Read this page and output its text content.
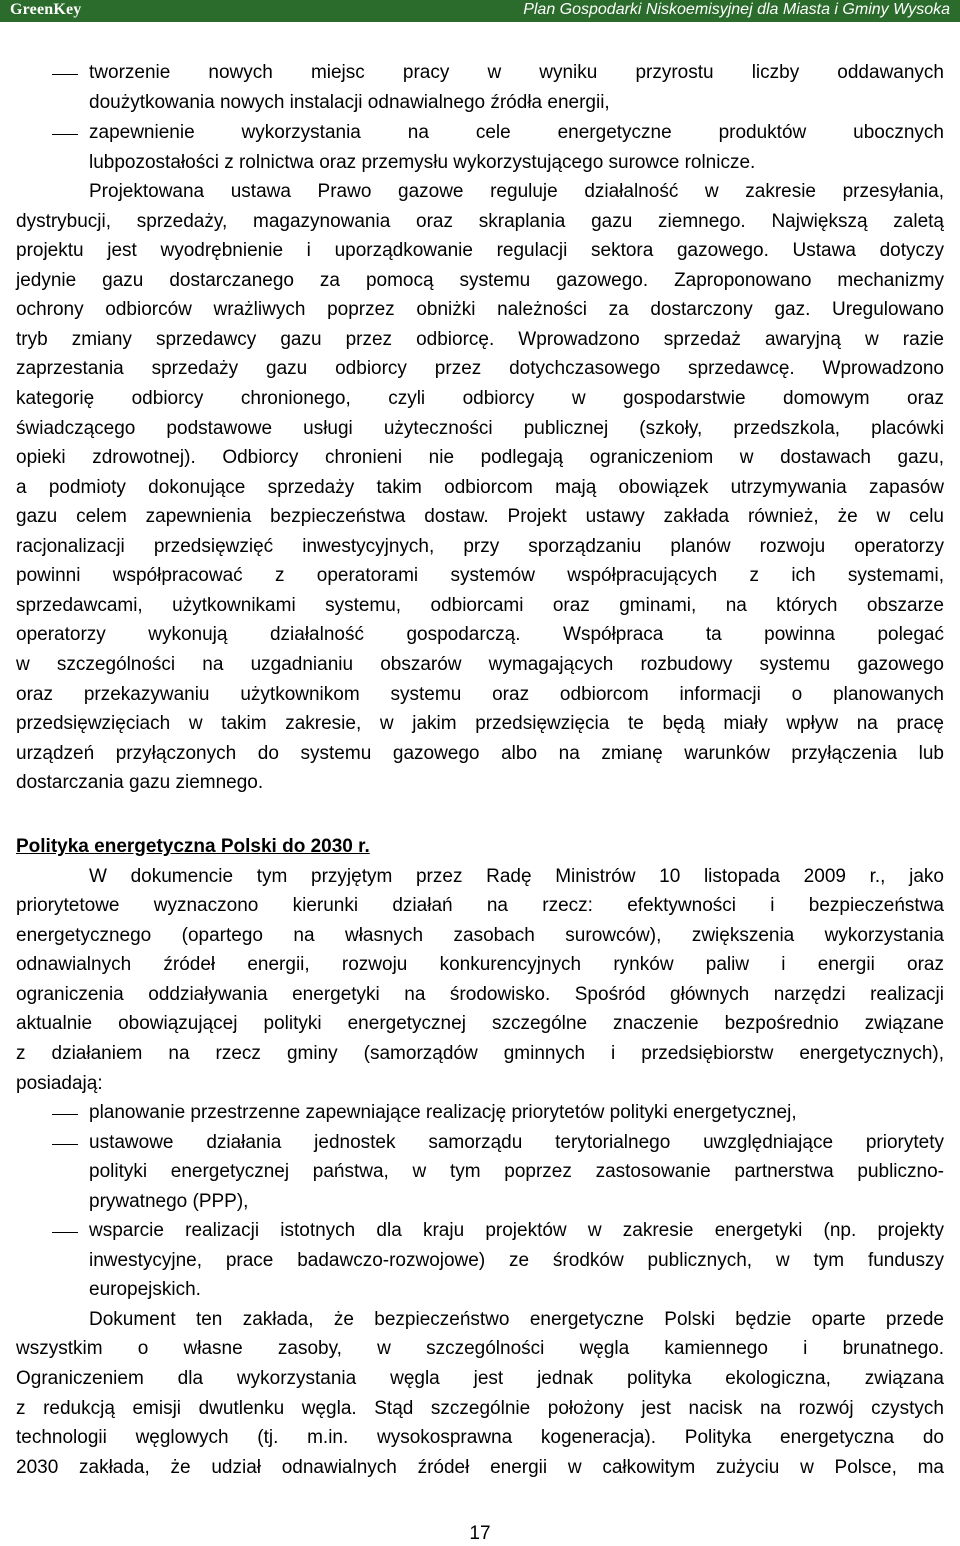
GreenKey	Plan Gospodarki Niskoemisyjnej dla Miasta i Gminy Wysoka
tworzenie nowych miejsc pracy w wyniku przyrostu liczby oddawanych
doużytkowania nowych instalacji odnawialnego źródła energii,
zapewnienie wykorzystania na cele energetyczne produktów ubocznych
lubpozostałości z rolnictwa oraz przemysłu wykorzystującego surowce rolnicze.
Projektowana ustawa Prawo gazowe reguluje działalność w zakresie przesyłania,
dystrybucji, sprzedaży, magazynowania oraz skraplania gazu ziemnego. Największą zaletą
projektu jest wyodrębnienie i uporządkowanie regulacji sektora gazowego. Ustawa dotyczy
jedynie gazu dostarczanego za pomocą systemu gazowego. Zaproponowano mechanizmy
ochrony odbiorców wrażliwych poprzez obniżki należności za dostarczony gaz. Uregulowano
tryb zmiany sprzedawcy gazu przez odbiorcę. Wprowadzono sprzedaż awaryjną w razie
zaprzestania sprzedaży gazu odbiorcy przez dotychczasowego sprzedawcę. Wprowadzono
kategorię odbiorcy chronionego, czyli odbiorcy w gospodarstwie domowym oraz
świadczącego podstawowe usługi użyteczności publicznej (szkoły, przedszkola, placówki
opieki zdrowotnej). Odbiorcy chronieni nie podlegają ograniczeniom w dostawach gazu,
a podmioty dokonujące sprzedaży takim odbiorcom mają obowiązek utrzymywania zapasów
gazu celem zapewnienia bezpieczeństwa dostaw. Projekt ustawy zakłada również, że w celu
racjonalizacji przedsięwzięć inwestycyjnych, przy sporządzaniu planów rozwoju operatorzy
powinni współpracować z operatorami systemów współpracujących z ich systemami,
sprzedawcami, użytkownikami systemu, odbiorcami oraz gminami, na których obszarze
operatorzy wykonują działalność gospodarczą. Współpraca ta powinna polegać
w szczególności na uzgadnianiu obszarów wymagających rozbudowy systemu gazowego
oraz przekazywaniu użytkownikom systemu oraz odbiorcom informacji o planowanych
przedsięwzięciach w takim zakresie, w jakim przedsięwzięcia te będą miały wpływ na pracę
urządzeń przyłączonych do systemu gazowego albo na zmianę warunków przyłączenia lub
dostarczania gazu ziemnego.
Polityka energetyczna Polski do 2030 r.
W dokumencie tym przyjętym przez Radę Ministrów 10 listopada 2009 r., jako
priorytetowe wyznaczono kierunki działań na rzecz: efektywności i bezpieczeństwa
energetycznego (opartego na własnych zasobach surowców), zwiększenia wykorzystania
odnawialnych źródeł energii, rozwoju konkurencyjnych rynków paliw i energii oraz
ograniczenia oddziaływania energetyki na środowisko. Spośród głównych narzędzi realizacji
aktualnie obowiązującej polityki energetycznej szczególne znaczenie bezpośrednio związane
z działaniem na rzecz gminy (samorządów gminnych i przedsiębiorstw energetycznych),
posiadają:
planowanie przestrzenne zapewniające realizację priorytetów polityki energetycznej,
ustawowe działania jednostek samorządu terytorialnego uwzględniające priorytety
polityki energetycznej państwa, w tym poprzez zastosowanie partnerstwa publiczno-
prywatnego (PPP),
wsparcie realizacji istotnych dla kraju projektów w zakresie energetyki (np. projekty
inwestycyjne, prace badawczo-rozwojowe) ze środków publicznych, w tym funduszy
europejskich.
Dokument ten zakłada, że bezpieczeństwo energetyczne Polski będzie oparte przede
wszystkim o własne zasoby, w szczególności węgla kamiennego i brunatnego.
Ograniczeniem dla wykorzystania węgla jest jednak polityka ekologiczna, związana
z redukcją emisji dwutlenku węgla. Stąd szczególnie położony jest nacisk na rozwój czystych
technologii węglowych (tj. m.in. wysokosprawna kogeneracja). Polityka energetyczna do
2030 zakłada, że udział odnawialnych źródeł energii w całkowitym zużyciu w Polsce, ma
17
